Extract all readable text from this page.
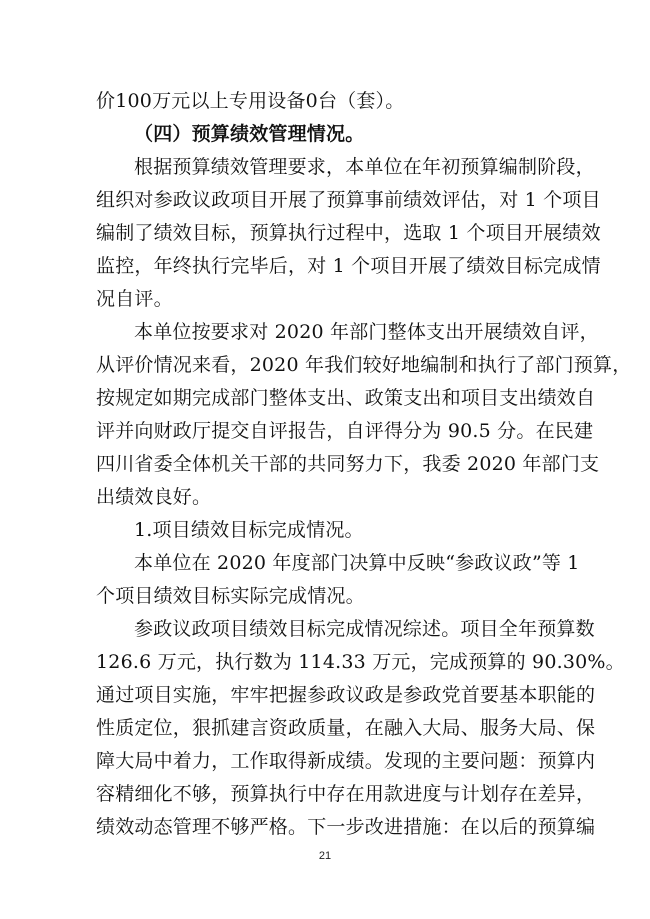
价100万元以上专用设备0台（套）。
（四）预算绩效管理情况。
根据预算绩效管理要求，本单位在年初预算编制阶段，
组织对参政议政项目开展了预算事前绩效评估，对 1 个项目
编制了绩效目标，预算执行过程中，选取 1 个项目开展绩效
监控，年终执行完毕后，对 1 个项目开展了绩效目标完成情
况自评。
本单位按要求对 2020 年部门整体支出开展绩效自评，
从评价情况来看，2020 年我们较好地编制和执行了部门预算，
按规定如期完成部门整体支出、政策支出和项目支出绩效自
评并向财政厅提交自评报告，自评得分为 90.5 分。在民建
四川省委全体机关干部的共同努力下，我委 2020 年部门支
出绩效良好。
1.项目绩效目标完成情况。
本单位在 2020 年度部门决算中反映“参政议政”等 1
个项目绩效目标实际完成情况。
参政议政项目绩效目标完成情况综述。项目全年预算数
126.6 万元，执行数为 114.33 万元，完成预算的 90.30%。
通过项目实施，牢牢把握参政议政是参政党首要基本职能的
性质定位，狠抓建言资政质量，在融入大局、服务大局、保
障大局中着力，工作取得新成绩。发现的主要问题：预算内
容精细化不够，预算执行中存在用款进度与计划存在差异，
绩效动态管理不够严格。下一步改进措施：在以后的预算编
21
